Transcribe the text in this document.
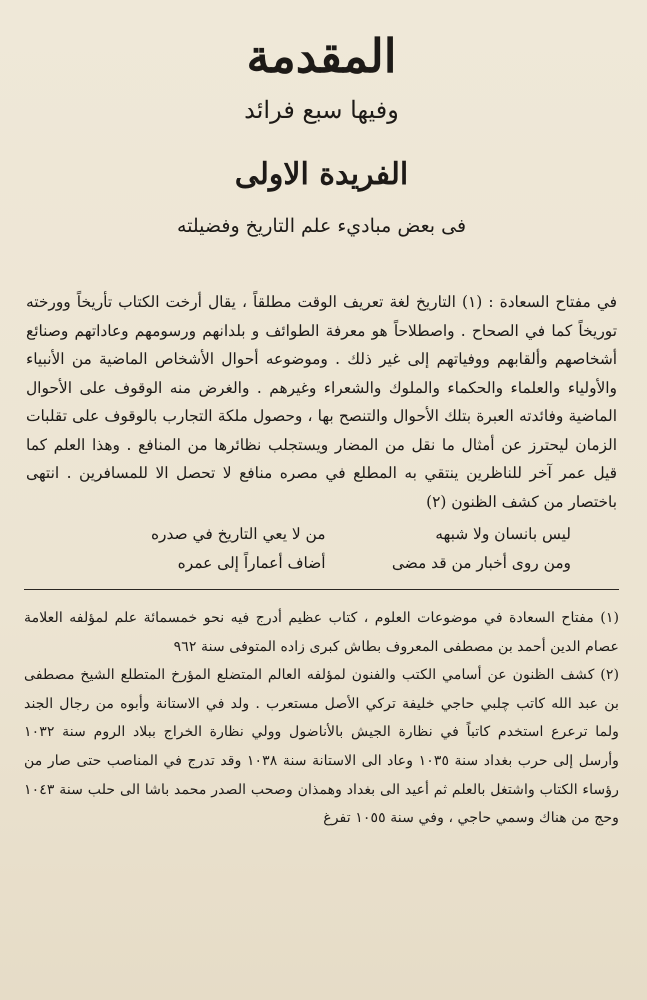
المقدمة
وفيها سبع فرائد
الفريدة الاولى
فى بعض مباديء علم التاريخ وفضيلته

في مفتاح السعادة : (١) التاريخ لغة تعريف الوقت مطلقاً ، يقال أرخت الكتاب تأريخاً وورخته توريخاً كما في الصحاح . واصطلاحاً هو معرفة الطوائف و بلدانهم ورسومهم وعاداتهم وصنائع أشخاصهم وألقابهم ووفياتهم إلى غير ذلك . وموضوعه أحوال الأشخاص الماضية من الأنبياء والأولياء والعلماء والحكماء والملوك والشعراء وغيرهم . والغرض منه الوقوف على الأحوال الماضية وفائدته العبرة بتلك الأحوال والتنصح بها ، وحصول ملكة التجارب بالوقوف على تقلبات الزمان ليحترز عن أمثال ما نقل من المضار ويستجلب نظائرها من المنافع . وهذا العلم كما قيل عمر آخر للناظرين ينتقي به المطلع في مصره منافع لا تحصل الا للمسافرين . انتهى باختصار من كشف الظنون (٢)

ليس بانسان ولا شبهه
من لا يعي التاريخ في صدره
ومن روى أخبار من قد مضى
أضاف أعماراً إلى عمره

(١) مفتاح السعادة في موضوعات العلوم ، كتاب عظيم أدرج فيه نحو خمسمائة علم لمؤلفه العلامة عصام الدين أحمد بن مصطفى المعروف بطاش كبرى زاده المتوفى سنة ٩٦٢

(٢) كشف الظنون عن أسامي الكتب والفنون لمؤلفه العالم المتضلع المؤرخ المتطلع الشيخ مصطفى بن عبد الله كاتب چلبي حاجي خليفة تركي الأصل مستعرب . ولد في الاستانة وأبوه من رجال الجند ولما ترعرع استخدم كاتباً في نظارة الجيش بالأناضول وولي نظارة الخراج ببلاد الروم سنة ١٠٣٢ وأرسل إلى حرب بغداد سنة ١٠٣٥ وعاد الى الاستانة سنة ١٠٣٨ وقد تدرج في المناصب حتى صار من رؤساء الكتاب واشتغل بالعلم ثم أعيد الى بغداد وهمذان وصحب الصدر محمد باشا الى حلب سنة ١٠٤٣ وحج من هناك وسمي حاجي ، وفي سنة ١٠٥٥ تفرغ
